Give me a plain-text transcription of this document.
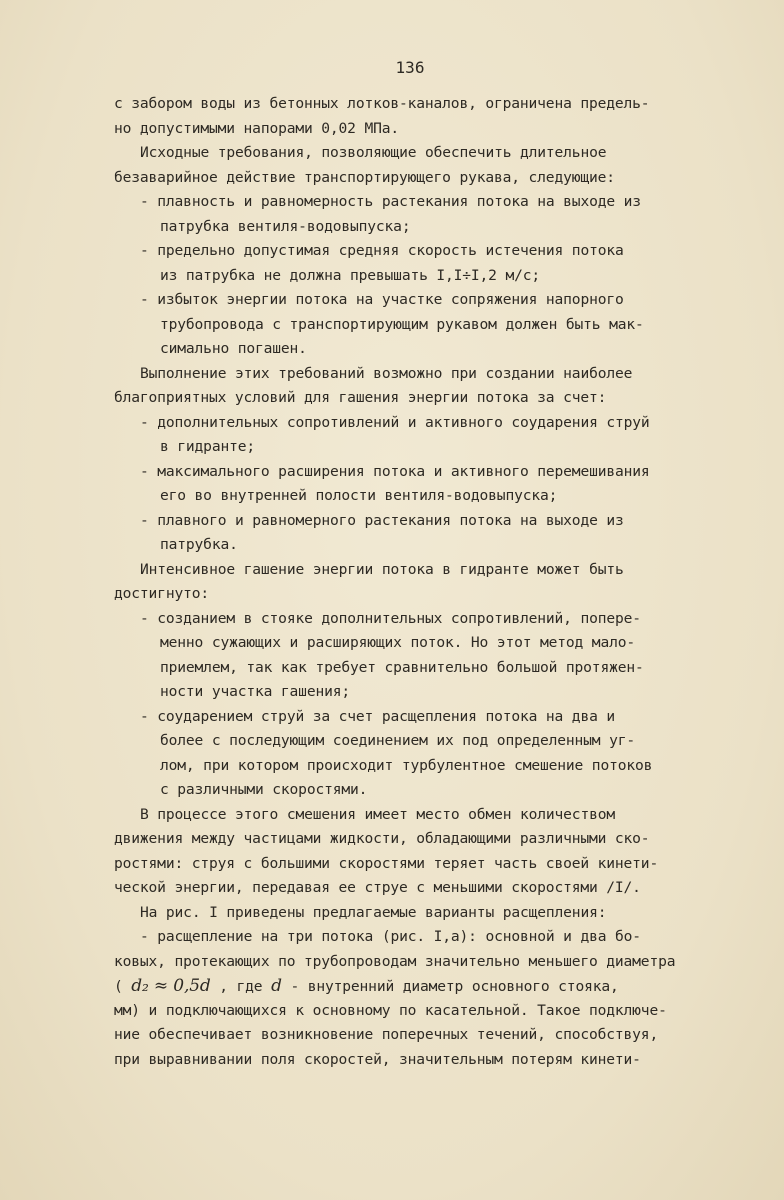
136
с забором воды из бетонных лотков-каналов, ограничена предель-
но допустимыми напорами 0,02 МПа.
Исходные требования, позволяющие обеспечить длительное
безаварийное действие транспортирующего рукава, следующие:
- плавность и равномерность растекания потока на выходе из
патрубка вентиля-водовыпуска;
- предельно допустимая средняя скорость истечения потока
из патрубка не должна превышать I,I÷I,2 м/с;
- избыток энергии потока на участке сопряжения напорного
трубопровода с транспортирующим рукавом должен быть мак-
симально погашен.
Выполнение этих требований возможно при создании наиболее
благоприятных условий для гашения энергии потока за счет:
- дополнительных сопротивлений и активного соударения струй
в гидранте;
- максимального расширения потока и активного перемешивания
его во внутренней полости вентиля-водовыпуска;
- плавного и равномерного растекания потока на выходе из
патрубка.
Интенсивное гашение энергии потока в гидранте может быть
достигнуто:
- созданием в стояке дополнительных сопротивлений, попере-
менно сужающих и расширяющих поток. Но этот метод мало-
приемлем, так как требует сравнительно большой протяжен-
ности участка гашения;
- соударением струй за счет расщепления потока на два и
более с последующим соединением их под определенным уг-
лом, при котором происходит турбулентное смешение потоков
с различными скоростями.
В процессе этого смешения имеет место обмен количеством
движения между частицами жидкости, обладающими различными ско-
ростями: струя с большими скоростями теряет часть своей кинети-
ческой энергии, передавая ее струе с меньшими скоростями /I/.
На рис. I приведены предлагаемые варианты расщепления:
- расщепление на три потока (рис. I,а): основной и два бо-
ковых, протекающих по трубопроводам значительно меньшего диаметра
( d₂ ≈ 0,5d , где d - внутренний диаметр основного стояка,
мм) и подключающихся к основному по касательной. Такое подключе-
ние обеспечивает возникновение поперечных течений, способствуя,
при выравнивании поля скоростей, значительным потерям кинети-
